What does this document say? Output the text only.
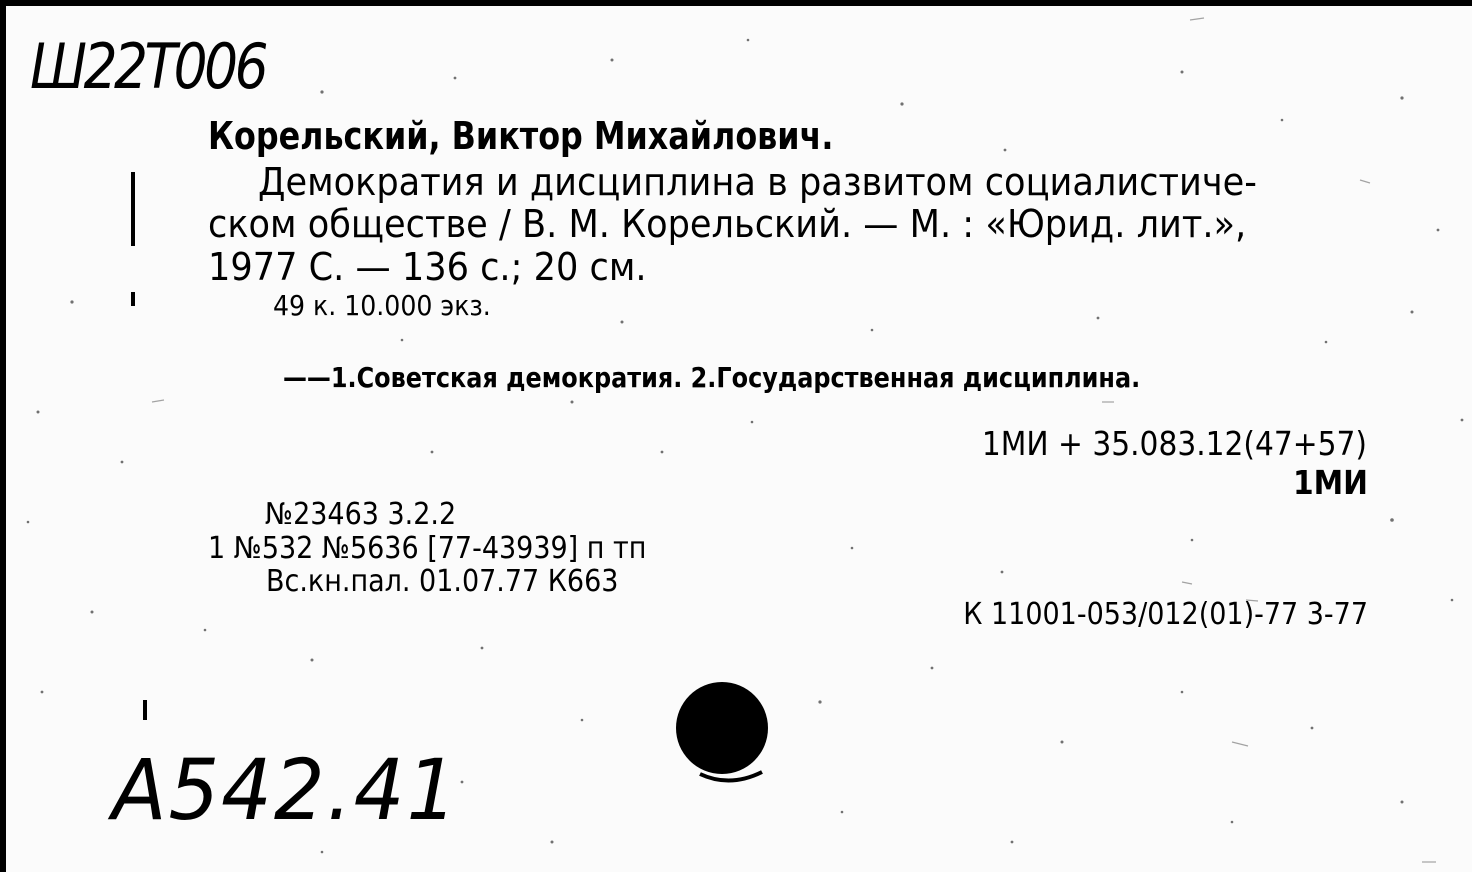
Ш22Т006

Корельский, Виктор Михайлович.

Демократия и дисциплина в развитом социалистиче-

ском обществе / В. М. Корельский. — М. : «Юрид. лит.»,

1977 С. — 136 с.; 20 см.

49 к. 10.000 экз.

——1.Советская демократия. 2.Государственная дисциплина.

1МИ + 35.083.12(47+57)

1МИ

№23463 3.2.2

1 №532 №5636 [77-43939] п тп

Вс.кн.пал. 01.07.77 К663

К 11001-053/012(01)-77 3-77

А542.41
